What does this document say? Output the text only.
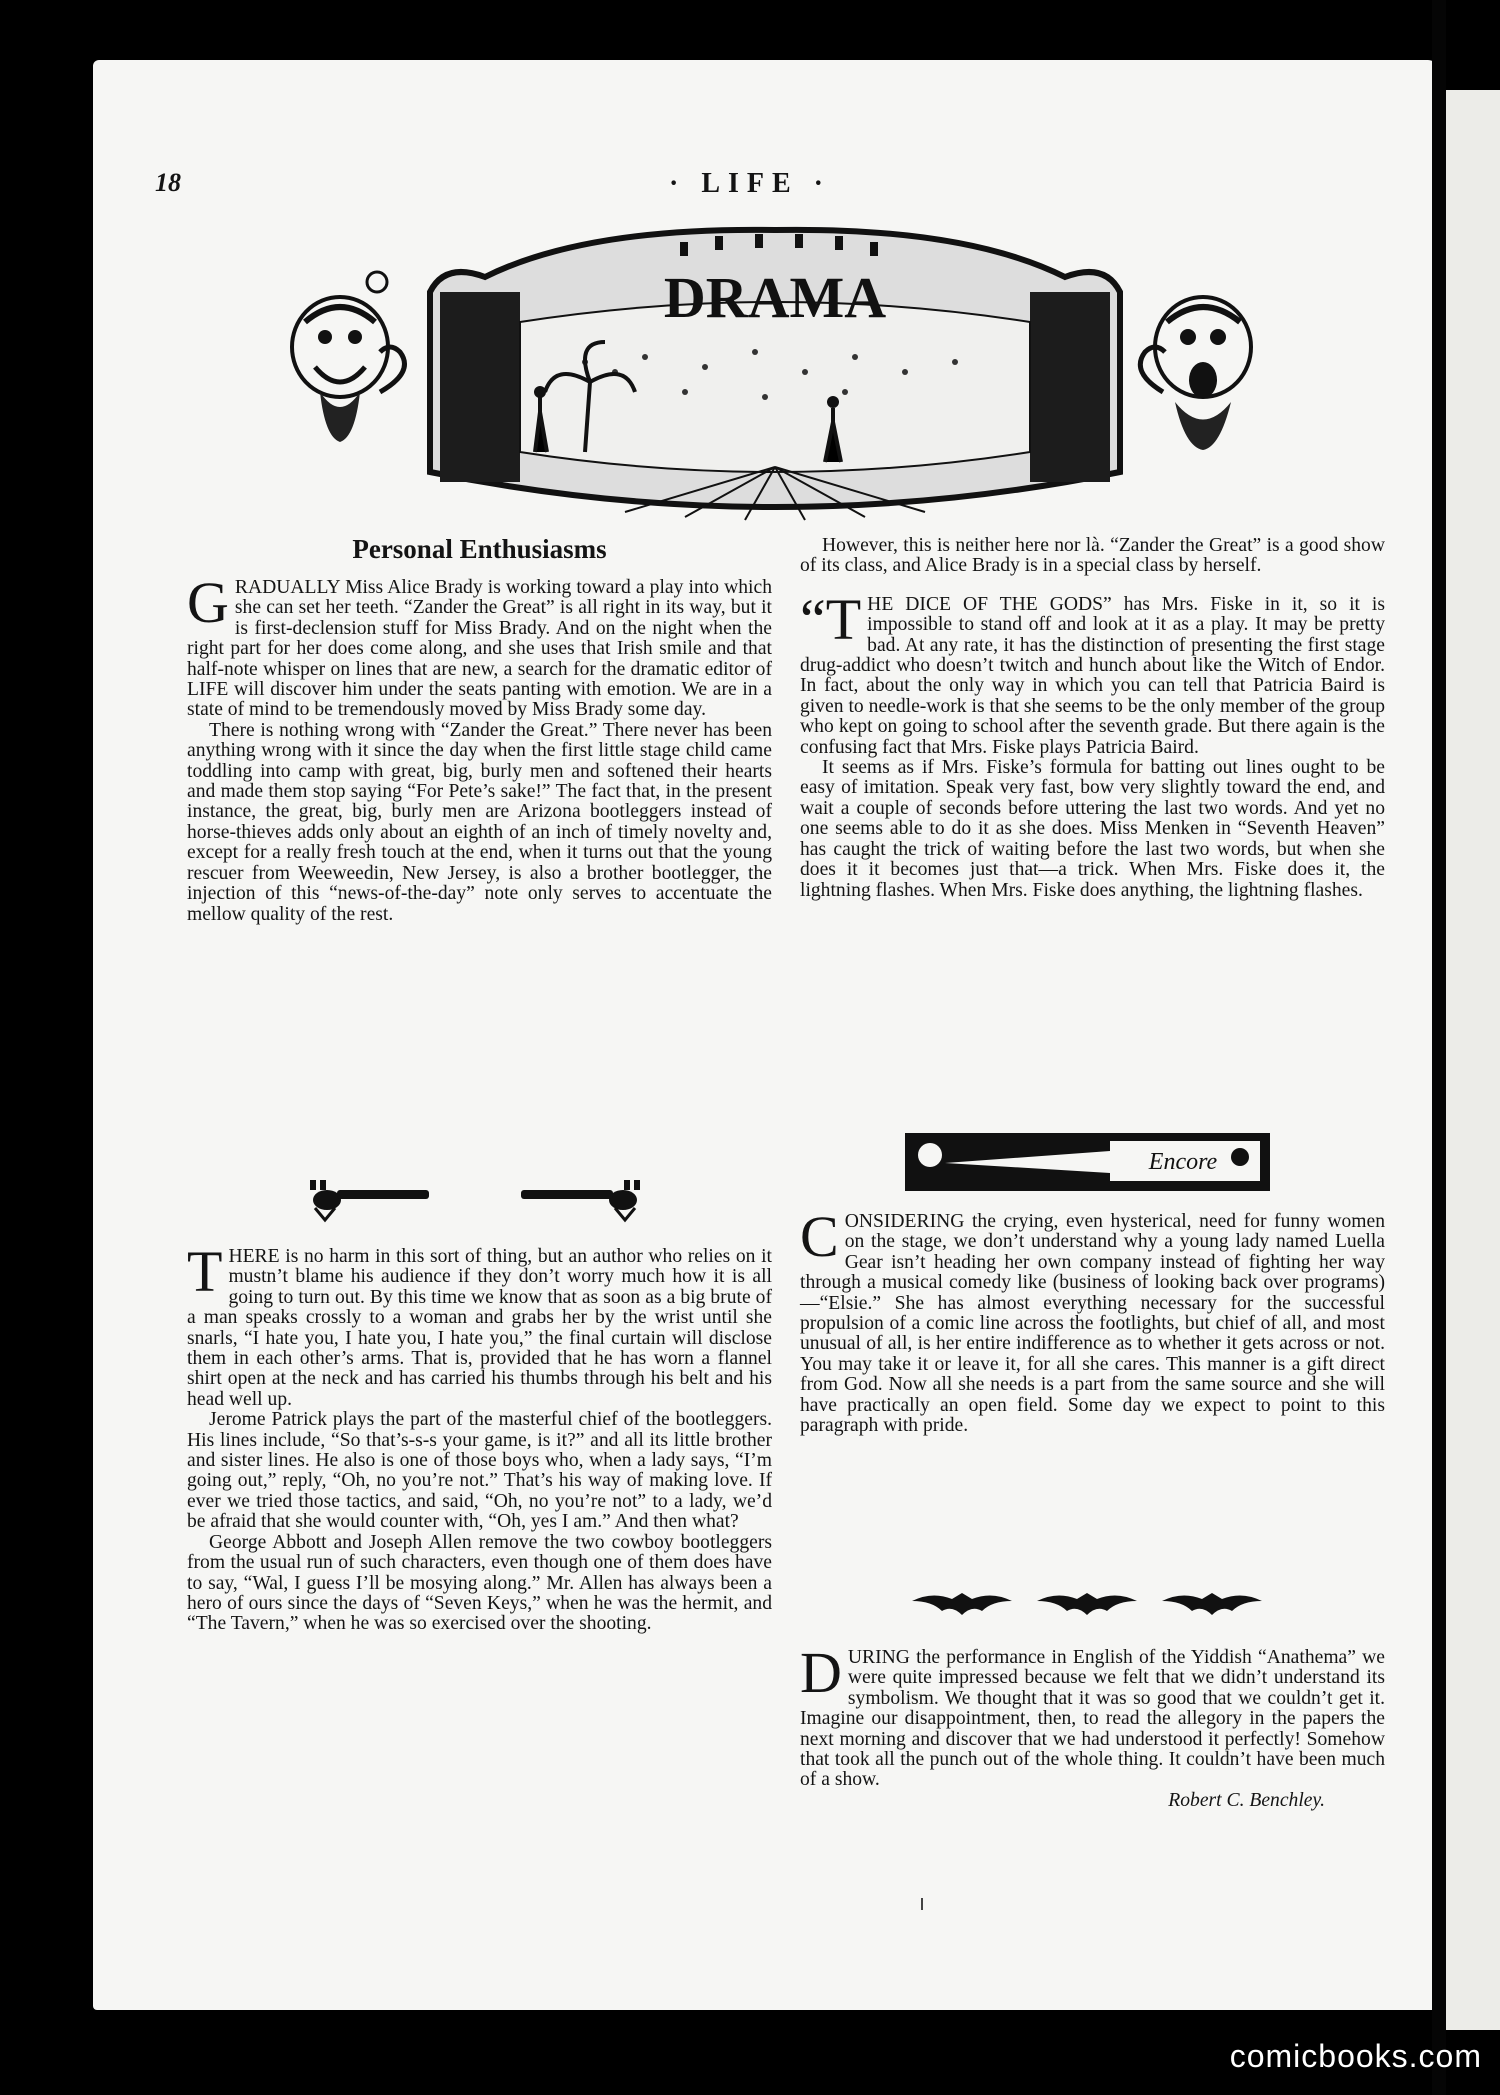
18	· LIFE ·
DRAMA
Personal Enthusiasms

GRADUALLY Miss Alice Brady is working toward a play into which she can set her teeth. “Zander the Great” is all right in its way, but it is first-declension stuff for Miss Brady. And on the night when the right part for her does come along, and she uses that Irish smile and that half-note whisper on lines that are new, a search for the dramatic editor of LIFE will discover him under the seats panting with emotion. We are in a state of mind to be tremendously moved by Miss Brady some day.

There is nothing wrong with “Zander the Great.” There never has been anything wrong with it since the day when the first little stage child came toddling into camp with great, big, burly men and softened their hearts and made them stop saying “For Pete’s sake!” The fact that, in the present instance, the great, big, burly men are Arizona bootleggers instead of horse-thieves adds only about an eighth of an inch of timely novelty and, except for a really fresh touch at the end, when it turns out that the young rescuer from Weeweedin, New Jersey, is also a brother bootlegger, the injection of this “news-of-the-day” note only serves to accentuate the mellow quality of the rest.

THERE is no harm in this sort of thing, but an author who relies on it mustn’t blame his audience if they don’t worry much how it is all going to turn out. By this time we know that as soon as a big brute of a man speaks crossly to a woman and grabs her by the wrist until she snarls, “I hate you, I hate you, I hate you,” the final curtain will disclose them in each other’s arms. That is, provided that he has worn a flannel shirt open at the neck and has carried his thumbs through his belt and his head well up.

Jerome Patrick plays the part of the masterful chief of the bootleggers. His lines include, “So that’s-s-s your game, is it?” and all its little brother and sister lines. He also is one of those boys who, when a lady says, “I’m going out,” reply, “Oh, no you’re not.” That’s his way of making love. If ever we tried those tactics, and said, “Oh, no you’re not” to a lady, we’d be afraid that she would counter with, “Oh, yes I am.” And then what?

George Abbott and Joseph Allen remove the two cowboy bootleggers from the usual run of such characters, even though one of them does have to say, “Wal, I guess I’ll be mosying along.” Mr. Allen has always been a hero of ours since the days of “Seven Keys,” when he was the hermit, and “The Tavern,” when he was so exercised over the shooting.

However, this is neither here nor là. “Zander the Great” is a good show of its class, and Alice Brady is in a special class by herself.

“THE DICE OF THE GODS” has Mrs. Fiske in it, so it is impossible to stand off and look at it as a play. It may be pretty bad. At any rate, it has the distinction of presenting the first stage drug-addict who doesn’t twitch and hunch about like the Witch of Endor. In fact, about the only way in which you can tell that Patricia Baird is given to needle-work is that she seems to be the only member of the group who kept on going to school after the seventh grade. But there again is the confusing fact that Mrs. Fiske plays Patricia Baird.

It seems as if Mrs. Fiske’s formula for batting out lines ought to be easy of imitation. Speak very fast, bow very slightly toward the end, and wait a couple of seconds before uttering the last two words. And yet no one seems able to do it as she does. Miss Menken in “Seventh Heaven” has caught the trick of waiting before the last two words, but when she does it it becomes just that—a trick. When Mrs. Fiske does it, the lightning flashes. When Mrs. Fiske does anything, the lightning flashes.

Encore

CONSIDERING the crying, even hysterical, need for funny women on the stage, we don’t understand why a young lady named Luella Gear isn’t heading her own company instead of fighting her way through a musical comedy like (business of looking back over programs)—“Elsie.” She has almost everything necessary for the successful propulsion of a comic line across the footlights, but chief of all, and most unusual of all, is her entire indifference as to whether it gets across or not. You may take it or leave it, for all she cares. This manner is a gift direct from God. Now all she needs is a part from the same source and she will have practically an open field. Some day we expect to point to this paragraph with pride.

DURING the performance in English of the Yiddish “Anathema” we were quite impressed because we felt that we didn’t understand its symbolism. We thought that it was so good that we couldn’t get it. Imagine our disappointment, then, to read the allegory in the papers the next morning and discover that we had understood it perfectly! Somehow that took all the punch out of the whole thing. It couldn’t have been much of a show.

Robert C. Benchley.

comicbooks.com
